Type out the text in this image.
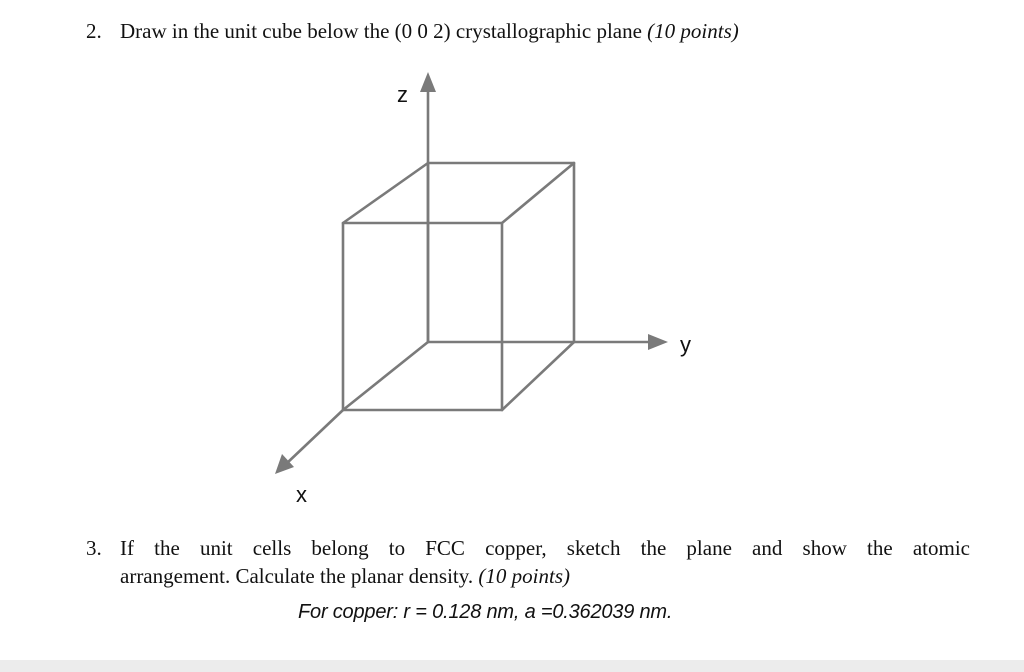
2. Draw in the unit cube below the (0 0 2) crystallographic plane (10 points)
z
y
x
3. If the unit cells belong to FCC copper, sketch the plane and show the atomic
arrangement. Calculate the planar density. (10 points)
For copper: r = 0.128 nm, a =0.362039 nm.
